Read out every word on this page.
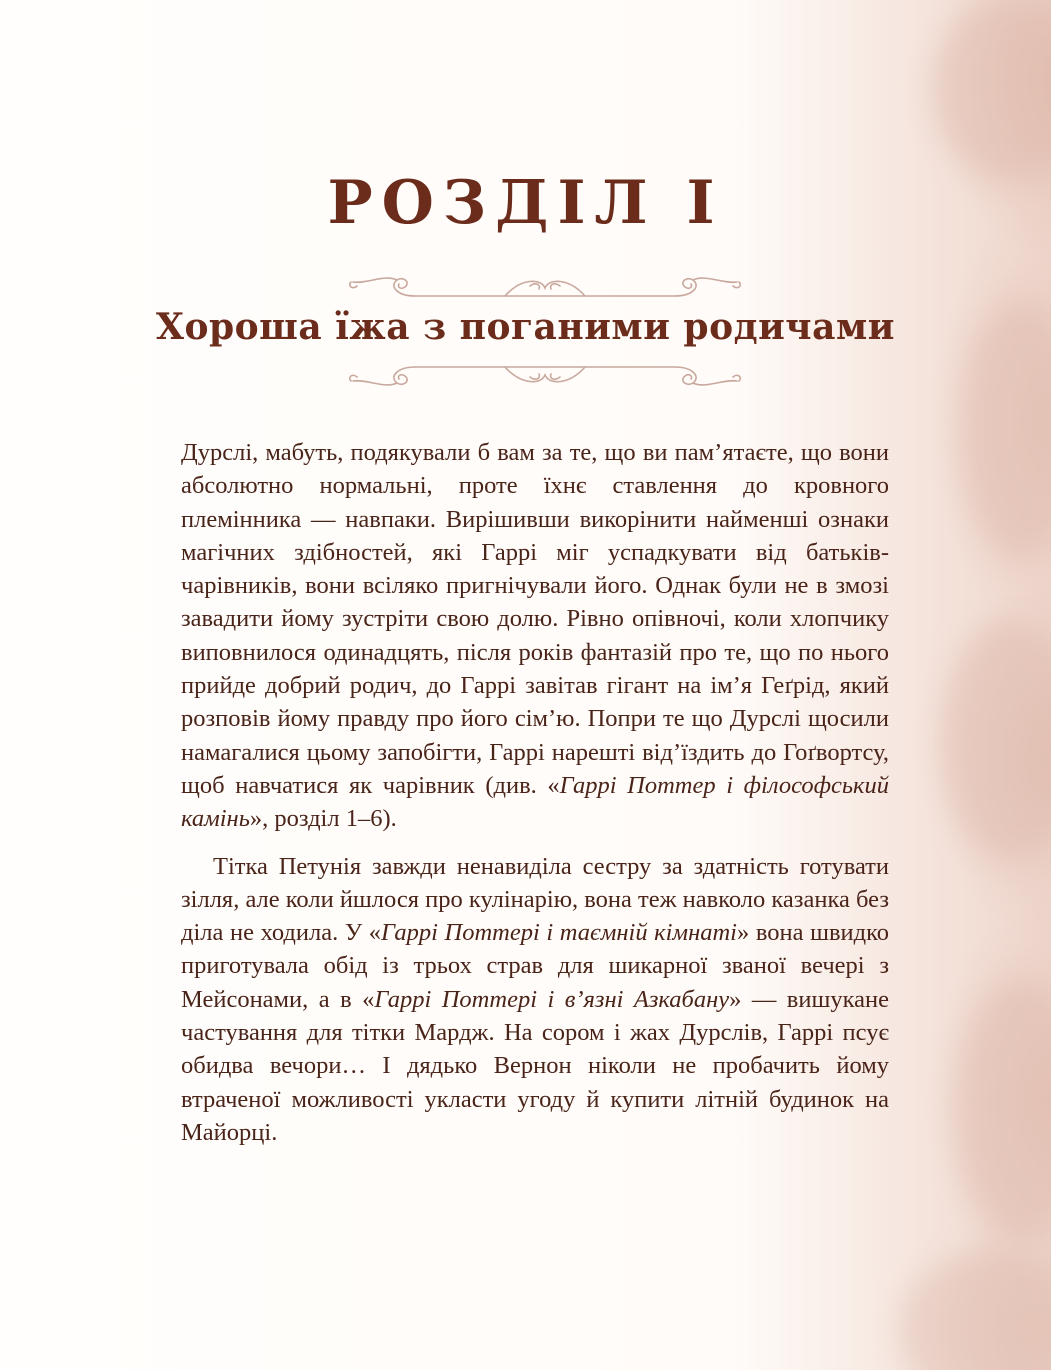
РОЗДІЛ І
Хороша їжа з поганими родичами

Дурслі, мабуть, подякували б вам за те, що ви пам’ятаєте, що вони абсолютно нормальні, проте їхнє ставлення до кровного племінника — навпаки. Вирішивши викорінити найменші ознаки магічних здібностей, які Гаррі міг успадкувати від батьків-чарівників, вони всіляко пригнічували його. Однак були не в змозі завадити йому зустріти свою долю. Рівно опівночі, коли хлопчику виповнилося одинадцять, після років фантазій про те, що по нього прийде добрий родич, до Гаррі завітав гігант на ім’я Геґрід, який розповів йому правду про його сім’ю. Попри те що Дурслі щосили намагалися цьому запобігти, Гаррі нарешті від’їздить до Гоґвортсу, щоб навчатися як чарівник (див. «Гаррі Поттер і філософський камінь», розділ 1–6).

Тітка Петунія завжди ненавиділа сестру за здатність готувати зілля, але коли йшлося про кулінарію, вона теж навколо казанка без діла не ходила. У «Гаррі Поттері і таємній кімнаті» вона швидко приготувала обід із трьох страв для шикарної званої вечері з Мейсонами, а в «Гаррі Поттері і в’язні Азкабану» — вишукане частування для тітки Мардж. На сором і жах Дурслів, Гаррі псує обидва вечори… І дядько Вернон ніколи не пробачить йому втраченої можливості укласти угоду й купити літній будинок на Майорці.
